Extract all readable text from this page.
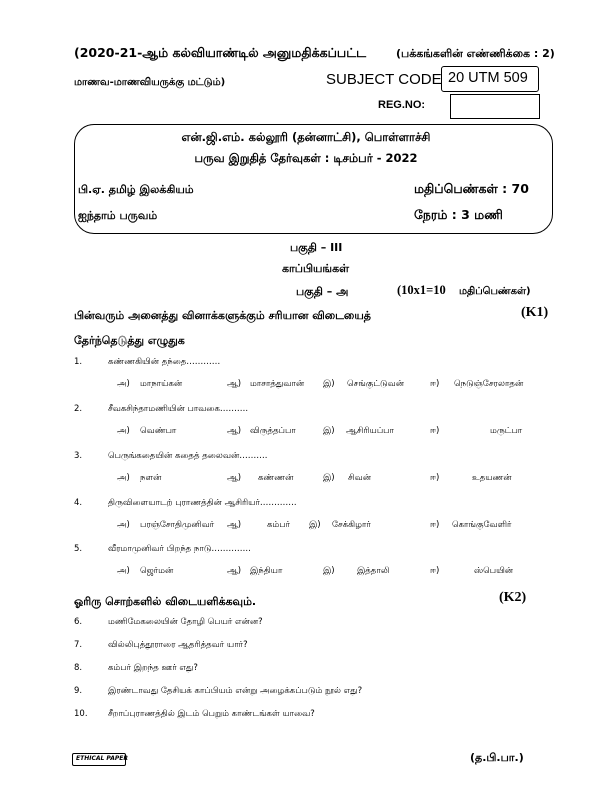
(2020-21-ஆம் கல்வியாண்டில் அனுமதிக்கப்பட்ட	(பக்கங்களின் எண்ணிக்கை : 2)
மாணவ-மாணவியருக்கு மட்டும்)	SUBJECT CODE 20 UTM 509
REG.NO:
என்.ஜி.எம். கல்லூரி (தன்னாட்சி), பொள்ளாச்சி
பருவ இறுதித் தேர்வுகள் : டிசம்பர் - 2022
பி.ஏ. தமிழ் இலக்கியம்	மதிப்பெண்கள் : 70
ஐந்தாம் பருவம்	நேரம் : 3 மணி
பகுதி – III
காப்பியங்கள்
பகுதி – அ	(10x1=10 மதிப்பெண்கள்)
பின்வரும் அனைத்து வினாக்களுக்கும் சரியான விடையைத்	(K1)
தேர்ந்தெடுத்து எழுதுக
1.	கண்ணகியின் தந்தை…………
அ) மாநாய்கன்	ஆ) மாசாத்துவான் இ) செங்குட்டுவன்	ஈ) நெடுஞ்சேரலாதன்
2.	சீவகசிந்தாமணியின் பாவகை……….
அ) வெண்பா	ஆ) விருத்தப்பா	இ) ஆசிரியப்பா	ஈ)	மருட்பா
3.	பெருங்கதையின் கதைத் தலைவன்……….
அ) நளன்	ஆ) கண்ணன்	இ) சிவன்	ஈ)	உதயணன்
4.	திருவிளையாடற் புராணத்தின் ஆசிரியர்………….
அ) பரஞ்சோதிமுனிவர் ஆ)	கம்பர் இ) சேக்கிழார்	ஈ) கொங்குவேளிர்
5.	வீரமாமுனிவர் பிறந்த நாடு…………..
அ) ஜெர்மன்	ஆ) இந்தியா	இ)	இத்தாலி	ஈ)	ஸ்பெயின்
ஓரிரு சொற்களில் விடையளிக்கவும்.	(K2)
6.	மணிமேகலையின் தோழி பெயர் என்ன?
7.	வில்லிபுத்தூராரை ஆதரித்தவர் யார்?
8.	கம்பர் இறந்த ஊர் எது?
9.	இரண்டாவது தேசியக் காப்பியம் என்று அழைக்கப்படும் நூல் எது?
10. சீறாப்புராணத்தில் இடம் பெறும் காண்டங்கள் யாவை?
ETHICAL PAPER	(த.பி.பா.)
